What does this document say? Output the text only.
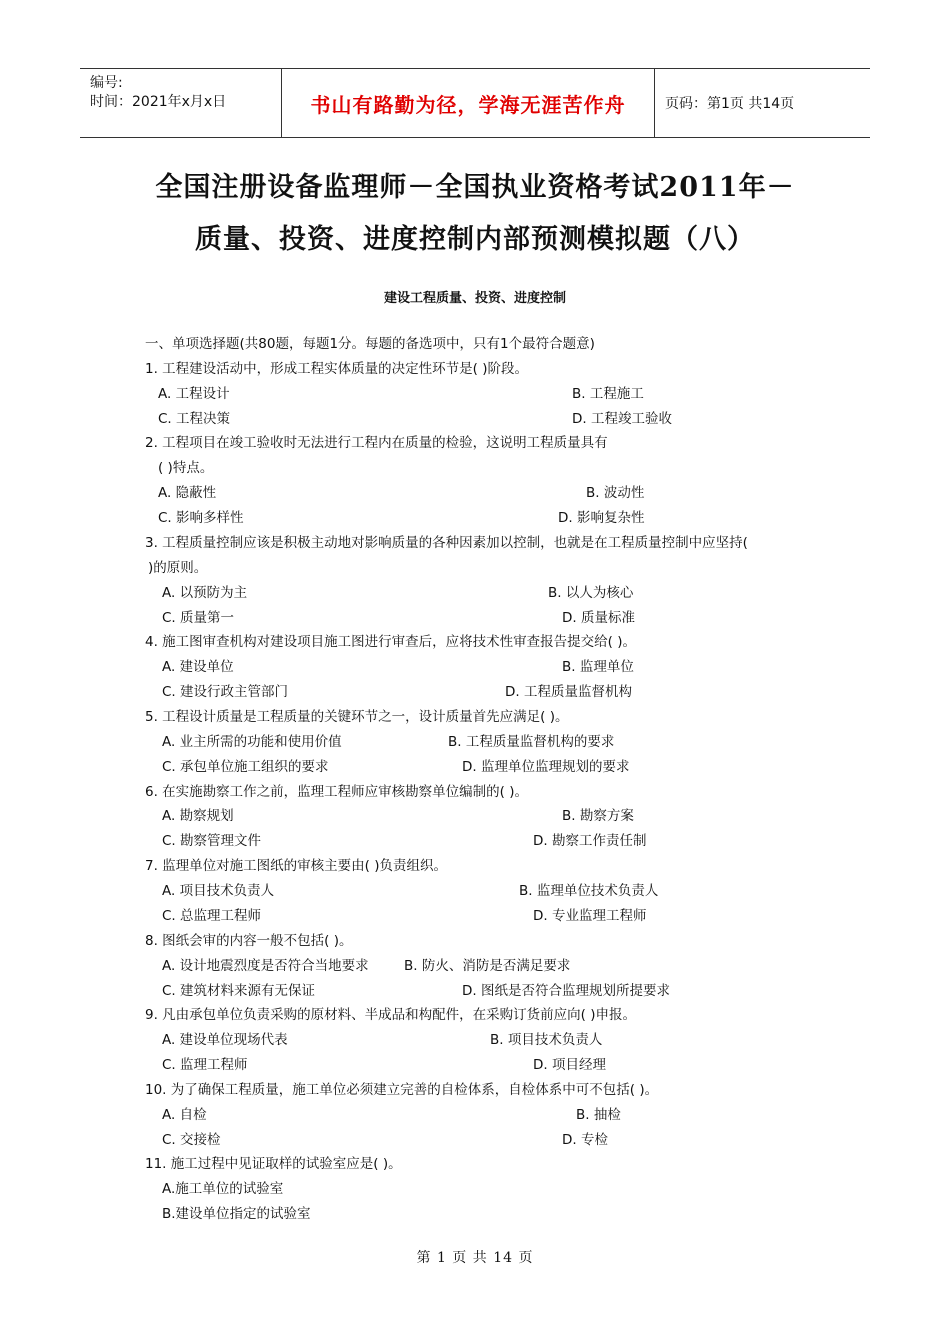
编号:
时间：2021年x月x日	书山有路勤为径，学海无涯苦作舟	页码：第1页 共14页
全国注册设备监理师－全国执业资格考试2011年－
质量、投资、进度控制内部预测模拟题（八）
建设工程质量、投资、进度控制
一、单项选择题(共80题，每题1分。每题的备选项中，只有1个最符合题意)
1. 工程建设活动中，形成工程实体质量的决定性环节是( )阶段。
A. 工程设计	B. 工程施工
C. 工程决策	D. 工程竣工验收
2. 工程项目在竣工验收时无法进行工程内在质量的检验，这说明工程质量具有
( )特点。
A. 隐蔽性	B. 波动性
C. 影响多样性	D. 影响复杂性
3. 工程质量控制应该是积极主动地对影响质量的各种因素加以控制，也就是在工程质量控制中应坚持(
)的原则。
A. 以预防为主	B. 以人为核心
C. 质量第一	D. 质量标准
4. 施工图审查机构对建设项目施工图进行审查后，应将技术性审查报告提交给( )。
A. 建设单位	B. 监理单位
C. 建设行政主管部门	D. 工程质量监督机构
5. 工程设计质量是工程质量的关键环节之一，设计质量首先应满足( )。
A. 业主所需的功能和使用价值	B. 工程质量监督机构的要求
C. 承包单位施工组织的要求	D. 监理单位监理规划的要求
6. 在实施勘察工作之前，监理工程师应审核勘察单位编制的( )。
A. 勘察规划	B. 勘察方案
C. 勘察管理文件	D. 勘察工作责任制
7. 监理单位对施工图纸的审核主要由( )负责组织。
A. 项目技术负责人	B. 监理单位技术负责人
C. 总监理工程师	D. 专业监理工程师
8. 图纸会审的内容一般不包括( )。
A. 设计地震烈度是否符合当地要求	B. 防火、消防是否满足要求
C. 建筑材料来源有无保证	D. 图纸是否符合监理规划所提要求
9. 凡由承包单位负责采购的原材料、半成品和构配件，在采购订货前应向( )申报。
A. 建设单位现场代表	B. 项目技术负责人
C. 监理工程师	D. 项目经理
10. 为了确保工程质量，施工单位必须建立完善的自检体系，自检体系中可不包括( )。
A. 自检	B. 抽检
C. 交接检	D. 专检
11. 施工过程中见证取样的试验室应是( )。
A.施工单位的试验室
B.建设单位指定的试验室
第 1 页 共 14 页
